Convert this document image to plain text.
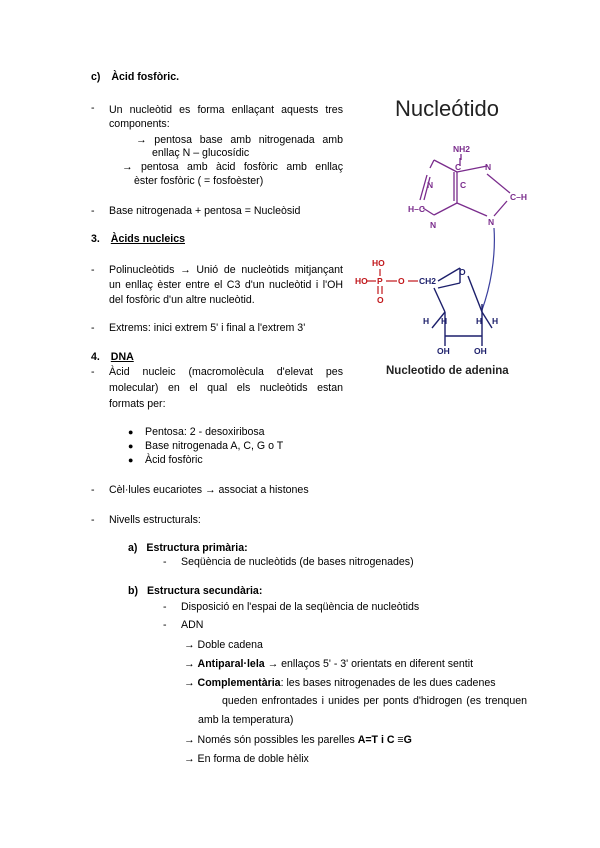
c) Àcid fosfòric.
- Un nucleòtid es forma enllaçant aquests tres
components:
→ pentosa base amb nitrogenada amb
enllaç N – glucosídic
→ pentosa amb àcid fosfòric amb enllaç
èster fosfòric ( = fosfoèster)
- Base nitrogenada + pentosa = Nucleòsid
3. Àcids nucleics
- Polinucleòtids → Unió de nucleòtids mitjançant
un enllaç èster entre el C3 d'un nucleòtid i l'OH
del fosfòric d'un altre nucleòtid.
- Extrems: inici extrem 5' i final a l'extrem 3'
4. DNA
- Àcid nucleic (macromolècula d'elevat pes
molecular) en el qual els nucleòtids estan
formats per:
● Pentosa: 2 - desoxiribosa
● Base nitrogenada A, C, G o T
● Àcid fosfòric
- Cèl·lules eucariotes → associat a histones
- Nivells estructurals:
a) Estructura primària:
- Seqüència de nucleòtids (de bases nitrogenades)
b) Estructura secundària:
- Disposició en l'espai de la seqüència de nucleòtids
- ADN
→ Doble cadena
→ Antiparal·lela → enllaços 5' - 3' orientats en diferent sentit
→ Complementària: les bases nitrogenades de les dues cadenes
queden enfrontades i unides per ponts d'hidrogen (es trenquen
amb la temperatura)
→ Només són possibles les parelles A=T i C ≡G
→ En forma de doble hèlix
Nucleótido
NH2
C
N
H–C
N
N
C–H
N
C
HO
HO P O
O
CH2
O
H H	H H
OH	OH
Nucleotido de adenina
